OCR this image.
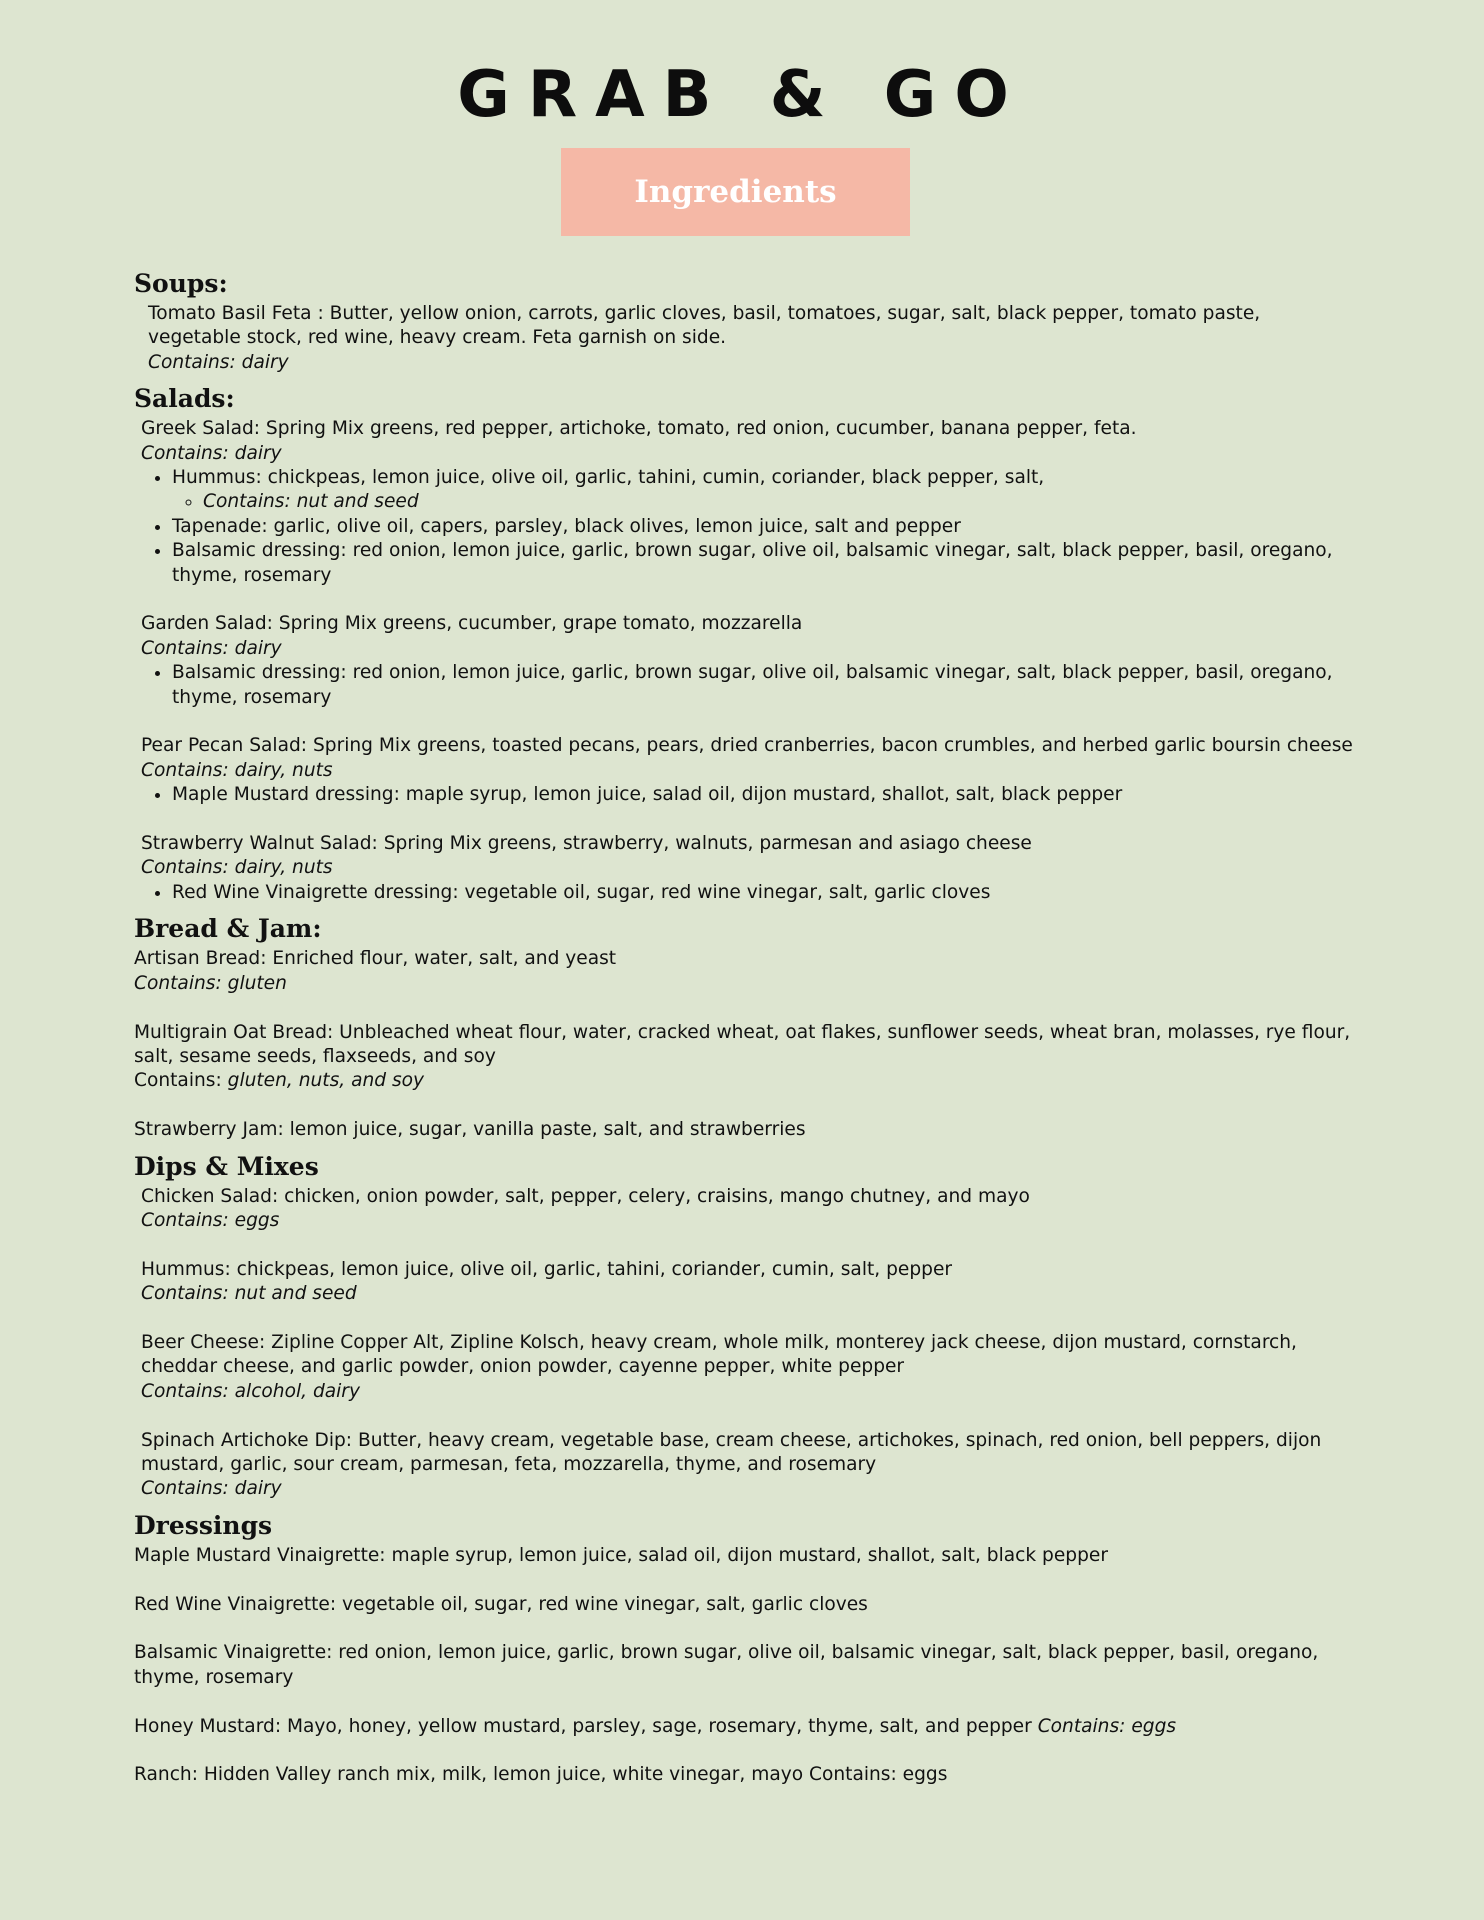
GRAB & GO
Ingredients
Soups:
Tomato Basil Feta : Butter, yellow onion, carrots, garlic cloves, basil, tomatoes, sugar, salt, black pepper, tomato paste, vegetable stock, red wine, heavy cream. Feta garnish on side.
Contains: dairy
Salads:
Greek Salad: Spring Mix greens, red pepper, artichoke, tomato, red onion, cucumber, banana pepper, feta.
Contains: dairy
• Hummus: chickpeas, lemon juice, olive oil, garlic, tahini, cumin, coriander, black pepper, salt,
◦ Contains: nut and seed
• Tapenade: garlic, olive oil, capers, parsley, black olives, lemon juice, salt and pepper
• Balsamic dressing: red onion, lemon juice, garlic, brown sugar, olive oil, balsamic vinegar, salt, black pepper, basil, oregano, thyme, rosemary
Garden Salad: Spring Mix greens, cucumber, grape tomato, mozzarella
Contains: dairy
• Balsamic dressing: red onion, lemon juice, garlic, brown sugar, olive oil, balsamic vinegar, salt, black pepper, basil, oregano, thyme, rosemary
Pear Pecan Salad: Spring Mix greens, toasted pecans, pears, dried cranberries, bacon crumbles, and herbed garlic boursin cheese
Contains: dairy, nuts
• Maple Mustard dressing: maple syrup, lemon juice, salad oil, dijon mustard, shallot, salt, black pepper
Strawberry Walnut Salad: Spring Mix greens, strawberry, walnuts, parmesan and asiago cheese
Contains: dairy, nuts
• Red Wine Vinaigrette dressing: vegetable oil, sugar, red wine vinegar, salt, garlic cloves
Bread & Jam:
Artisan Bread: Enriched flour, water, salt, and yeast
Contains: gluten
Multigrain Oat Bread: Unbleached wheat flour, water, cracked wheat, oat flakes, sunflower seeds, wheat bran, molasses, rye flour, salt, sesame seeds, flaxseeds, and soy
Contains: gluten, nuts, and soy
Strawberry Jam: lemon juice, sugar, vanilla paste, salt, and strawberries
Dips & Mixes
Chicken Salad: chicken, onion powder, salt, pepper, celery, craisins, mango chutney, and mayo
Contains: eggs
Hummus: chickpeas, lemon juice, olive oil, garlic, tahini, coriander, cumin, salt, pepper
Contains: nut and seed
Beer Cheese: Zipline Copper Alt, Zipline Kolsch, heavy cream, whole milk, monterey jack cheese, dijon mustard, cornstarch, cheddar cheese, and garlic powder, onion powder, cayenne pepper, white pepper
Contains: alcohol, dairy
Spinach Artichoke Dip: Butter, heavy cream, vegetable base, cream cheese, artichokes, spinach, red onion, bell peppers, dijon mustard, garlic, sour cream, parmesan, feta, mozzarella, thyme, and rosemary
Contains: dairy
Dressings
Maple Mustard Vinaigrette: maple syrup, lemon juice, salad oil, dijon mustard, shallot, salt, black pepper
Red Wine Vinaigrette: vegetable oil, sugar, red wine vinegar, salt, garlic cloves
Balsamic Vinaigrette: red onion, lemon juice, garlic, brown sugar, olive oil, balsamic vinegar, salt, black pepper, basil, oregano, thyme, rosemary
Honey Mustard: Mayo, honey, yellow mustard, parsley, sage, rosemary, thyme, salt, and pepper Contains: eggs
Ranch: Hidden Valley ranch mix, milk, lemon juice, white vinegar, mayo Contains: eggs
